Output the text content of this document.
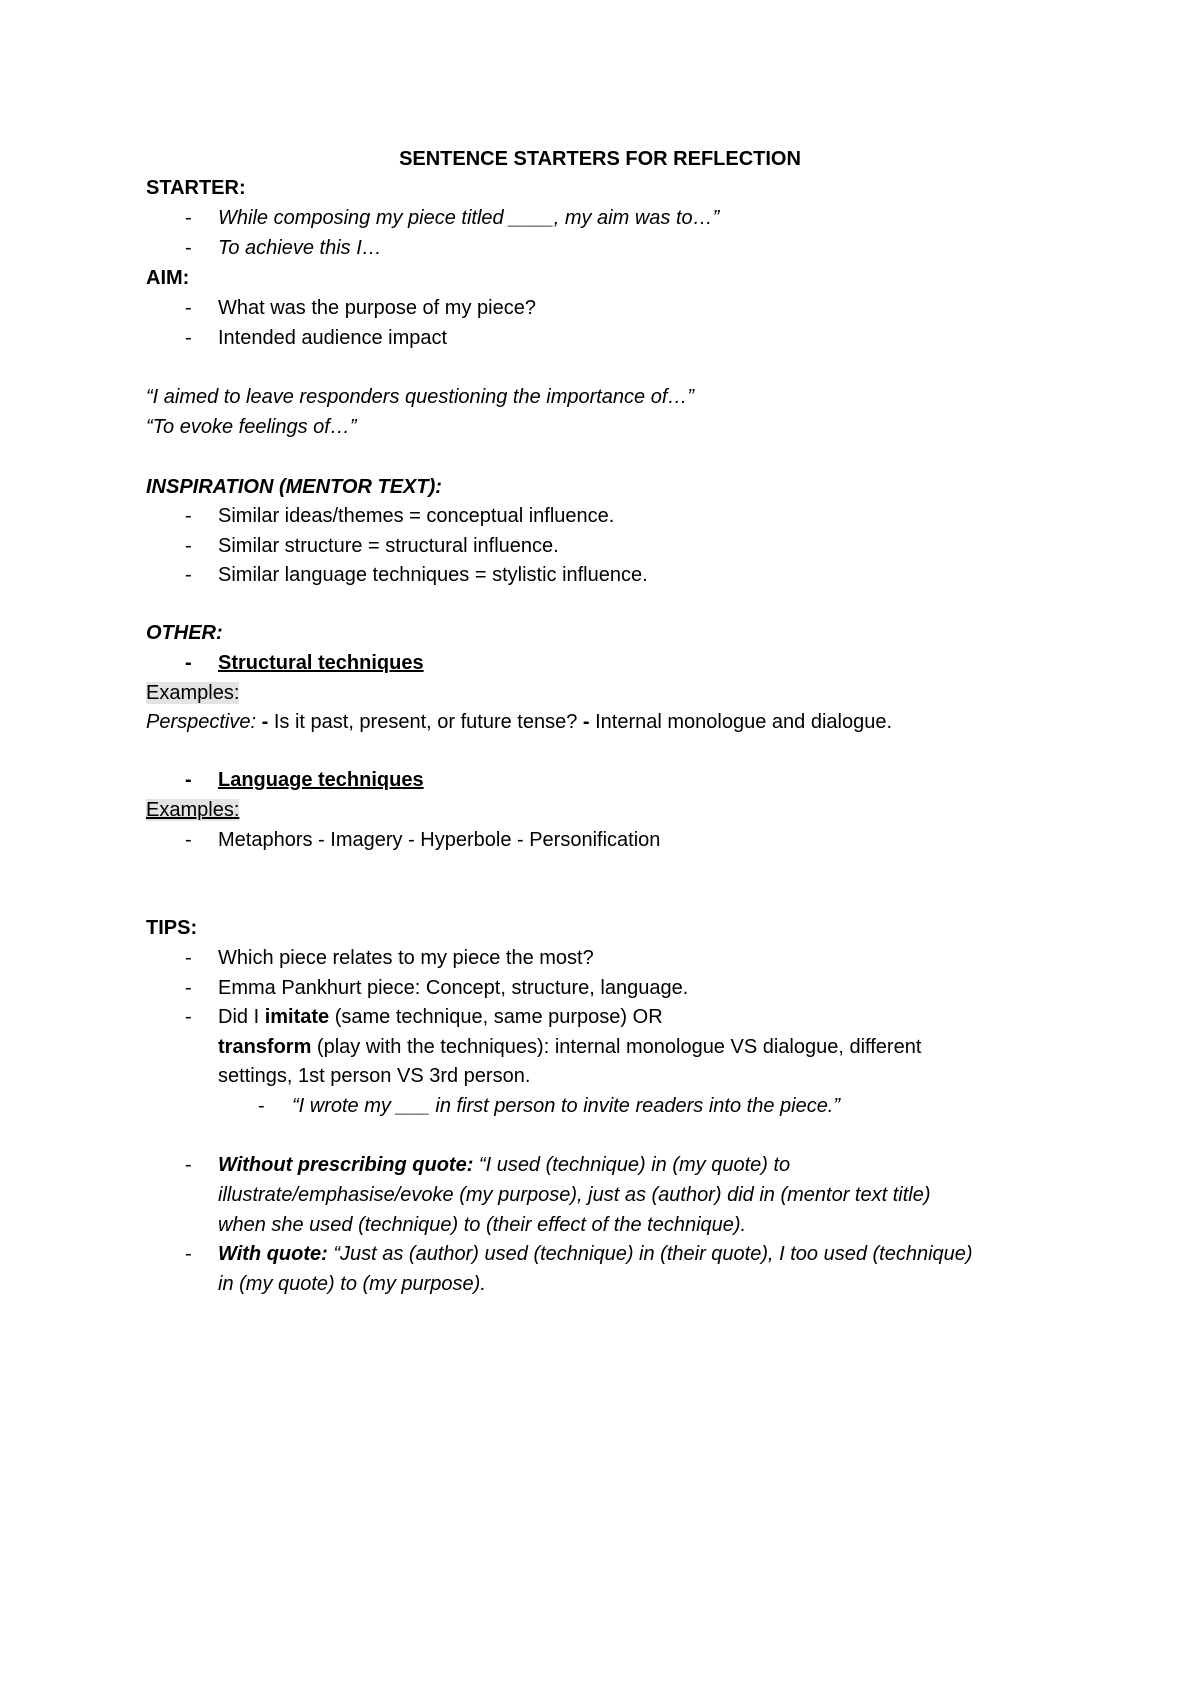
SENTENCE STARTERS FOR REFLECTION
STARTER:
- While composing my piece titled ____, my aim was to…”
- To achieve this I…
AIM:
- What was the purpose of my piece?
- Intended audience impact
“I aimed to leave responders questioning the importance of…”
“To evoke feelings of…”
INSPIRATION (MENTOR TEXT):
- Similar ideas/themes = conceptual influence.
- Similar structure = structural influence.
- Similar language techniques = stylistic influence.
OTHER:
- Structural techniques
Examples:
Perspective: - Is it past, present, or future tense? - Internal monologue and dialogue.
- Language techniques
Examples:
- Metaphors - Imagery - Hyperbole - Personification
TIPS:
- Which piece relates to my piece the most?
- Emma Pankhurt piece: Concept, structure, language.
- Did I imitate (same technique, same purpose) OR
transform (play with the techniques): internal monologue VS dialogue, different
settings, 1st person VS 3rd person.
- “I wrote my ___ in first person to invite readers into the piece.”
- Without prescribing quote: “I used (technique) in (my quote) to
illustrate/emphasise/evoke (my purpose), just as (author) did in (mentor text title)
when she used (technique) to (their effect of the technique).
- With quote: “Just as (author) used (technique) in (their quote), I too used (technique)
in (my quote) to (my purpose).
